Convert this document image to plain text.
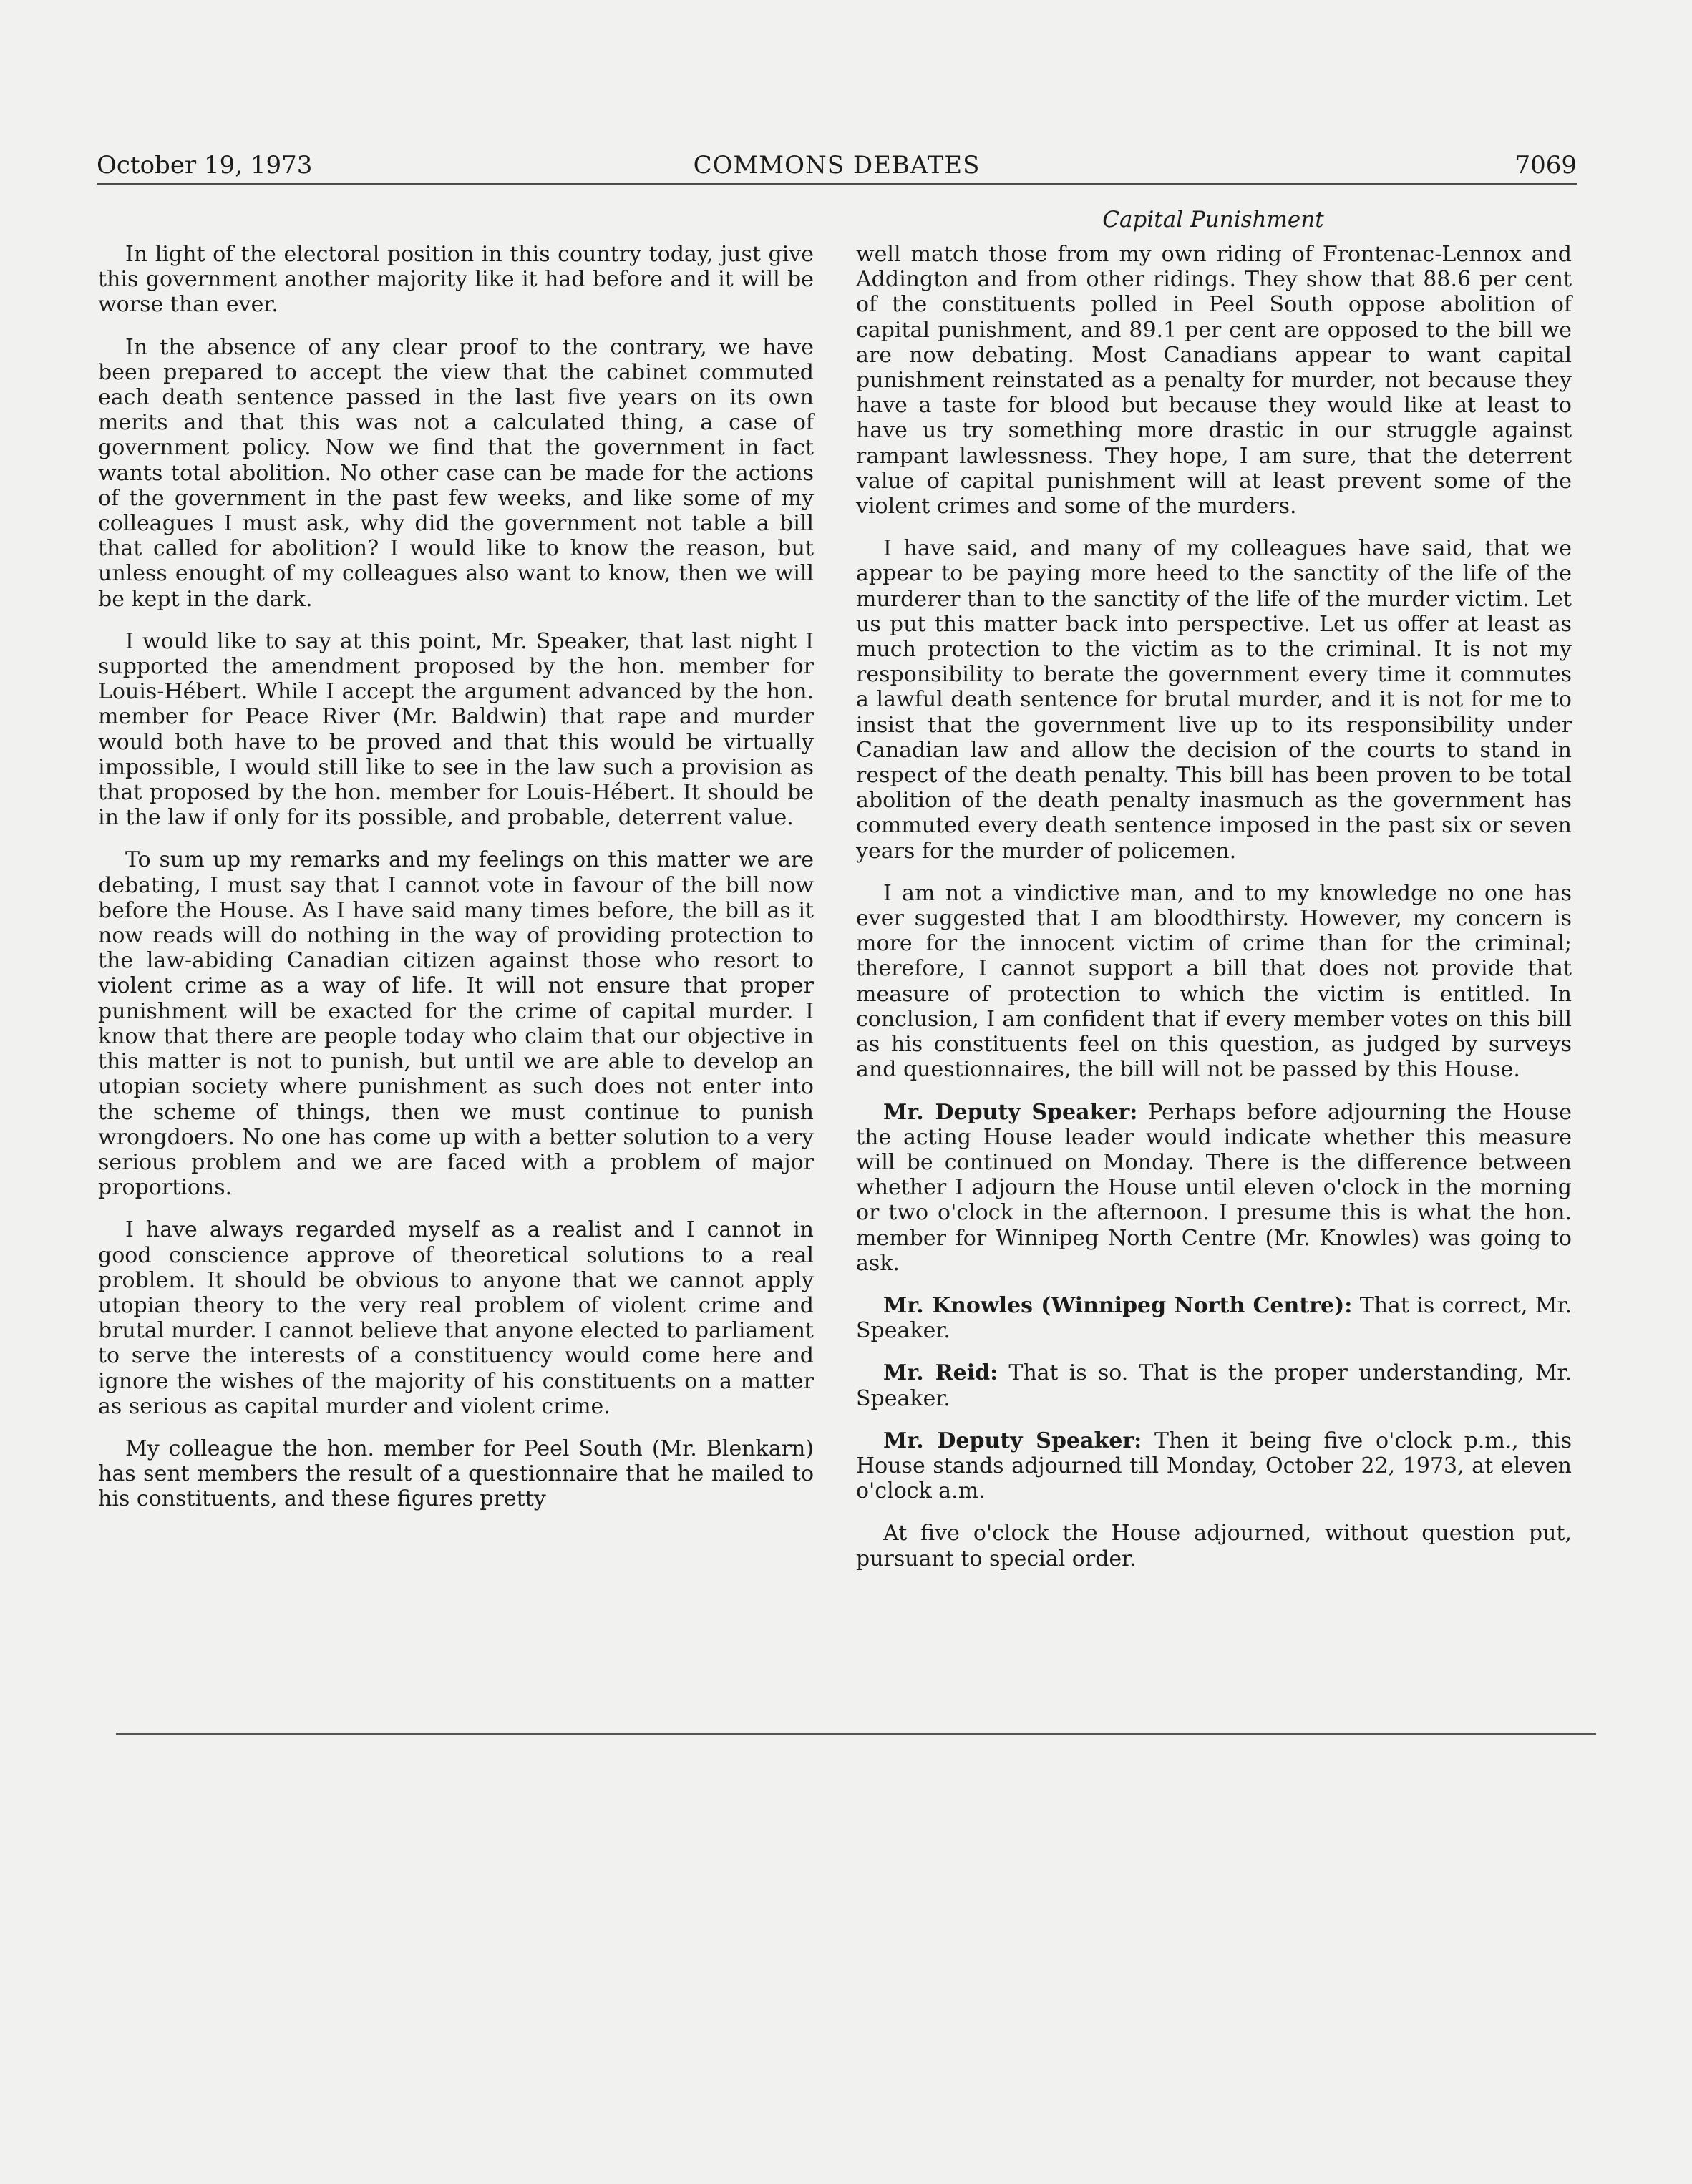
October 19, 1973	COMMONS DEBATES	7069
Capital Punishment

In light of the electoral position in this country today, just give this government another majority like it had before and it will be worse than ever.

In the absence of any clear proof to the contrary, we have been prepared to accept the view that the cabinet commuted each death sentence passed in the last five years on its own merits and that this was not a calculated thing, a case of government policy. Now we find that the government in fact wants total abolition. No other case can be made for the actions of the government in the past few weeks, and like some of my colleagues I must ask, why did the government not table a bill that called for abolition? I would like to know the reason, but unless enought of my colleagues also want to know, then we will be kept in the dark.

I would like to say at this point, Mr. Speaker, that last night I supported the amendment proposed by the hon. member for Louis-Hébert. While I accept the argument advanced by the hon. member for Peace River (Mr. Baldwin) that rape and murder would both have to be proved and that this would be virtually impossible, I would still like to see in the law such a provision as that proposed by the hon. member for Louis-Hébert. It should be in the law if only for its possible, and probable, deterrent value.

To sum up my remarks and my feelings on this matter we are debating, I must say that I cannot vote in favour of the bill now before the House. As I have said many times before, the bill as it now reads will do nothing in the way of providing protection to the law-abiding Canadian citizen against those who resort to violent crime as a way of life. It will not ensure that proper punishment will be exacted for the crime of capital murder. I know that there are people today who claim that our objective in this matter is not to punish, but until we are able to develop an utopian society where punishment as such does not enter into the scheme of things, then we must continue to punish wrongdoers. No one has come up with a better solution to a very serious problem and we are faced with a problem of major proportions.

I have always regarded myself as a realist and I cannot in good conscience approve of theoretical solutions to a real problem. It should be obvious to anyone that we cannot apply utopian theory to the very real problem of violent crime and brutal murder. I cannot believe that anyone elected to parliament to serve the interests of a constituency would come here and ignore the wishes of the majority of his constituents on a matter as serious as capital murder and violent crime.

My colleague the hon. member for Peel South (Mr. Blenkarn) has sent members the result of a questionnaire that he mailed to his constituents, and these figures pretty

well match those from my own riding of Frontenac-Lennox and Addington and from other ridings. They show that 88.6 per cent of the constituents polled in Peel South oppose abolition of capital punishment, and 89.1 per cent are opposed to the bill we are now debating. Most Canadians appear to want capital punishment reinstated as a penalty for murder, not because they have a taste for blood but because they would like at least to have us try something more drastic in our struggle against rampant lawlessness. They hope, I am sure, that the deterrent value of capital punishment will at least prevent some of the violent crimes and some of the murders.

I have said, and many of my colleagues have said, that we appear to be paying more heed to the sanctity of the life of the murderer than to the sanctity of the life of the murder victim. Let us put this matter back into perspective. Let us offer at least as much protection to the victim as to the criminal. It is not my responsibility to berate the government every time it commutes a lawful death sentence for brutal murder, and it is not for me to insist that the government live up to its responsibility under Canadian law and allow the decision of the courts to stand in respect of the death penalty. This bill has been proven to be total abolition of the death penalty inasmuch as the government has commuted every death sentence imposed in the past six or seven years for the murder of policemen.

I am not a vindictive man, and to my knowledge no one has ever suggested that I am bloodthirsty. However, my concern is more for the innocent victim of crime than for the criminal; therefore, I cannot support a bill that does not provide that measure of protection to which the victim is entitled. In conclusion, I am confident that if every member votes on this bill as his constituents feel on this question, as judged by surveys and questionnaires, the bill will not be passed by this House.

Mr. Deputy Speaker: Perhaps before adjourning the House the acting House leader would indicate whether this measure will be continued on Monday. There is the difference between whether I adjourn the House until eleven o'clock in the morning or two o'clock in the afternoon. I presume this is what the hon. member for Winnipeg North Centre (Mr. Knowles) was going to ask.

Mr. Knowles (Winnipeg North Centre): That is correct, Mr. Speaker.

Mr. Reid: That is so. That is the proper understanding, Mr. Speaker.

Mr. Deputy Speaker: Then it being five o'clock p.m., this House stands adjourned till Monday, October 22, 1973, at eleven o'clock a.m.

At five o'clock the House adjourned, without question put, pursuant to special order.
